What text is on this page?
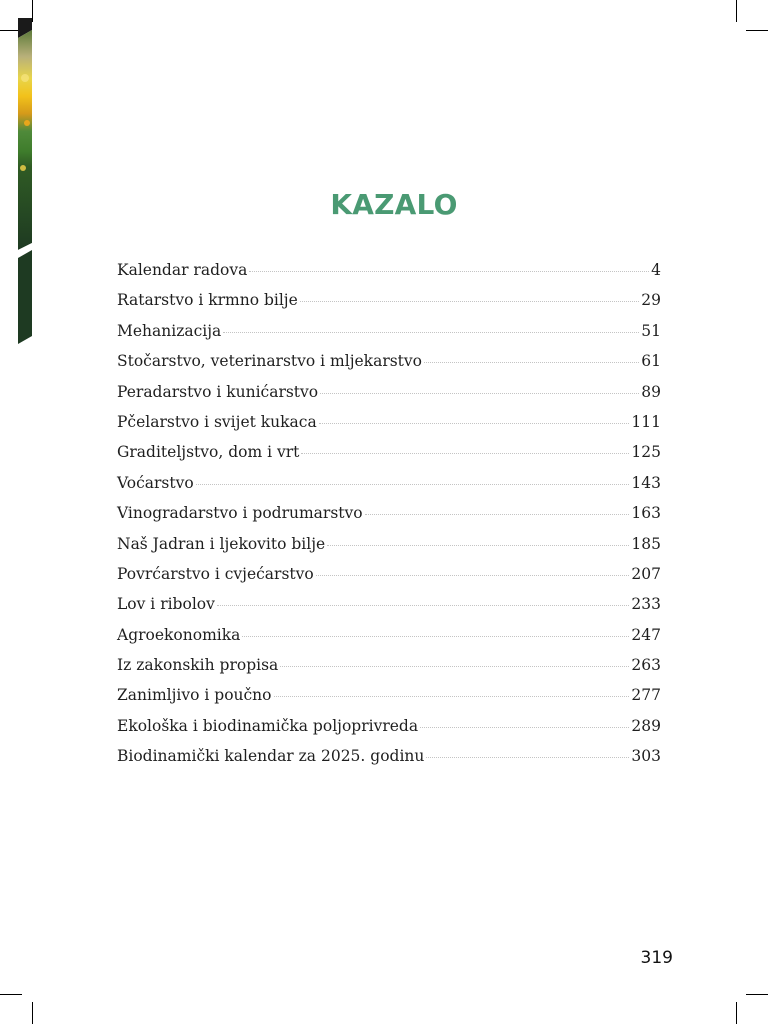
KAZALO
Kalendar radova	4
Ratarstvo i krmno bilje	29
Mehanizacija	51
Stočarstvo, veterinarstvo i mljekarstvo	61
Peradarstvo i kunićarstvo	89
Pčelarstvo i svijet kukaca	111
Graditeljstvo, dom i vrt	125
Voćarstvo	143
Vinogradarstvo i podrumarstvo	163
Naš Jadran i ljekovito bilje	185
Povrćarstvo i cvjećarstvo	207
Lov i ribolov	233
Agroekonomika	247
Iz zakonskih propisa	263
Zanimljivo i poučno	277
Ekološka i biodinamička poljoprivreda	289
Biodinamički kalendar za 2025. godinu	303
319
